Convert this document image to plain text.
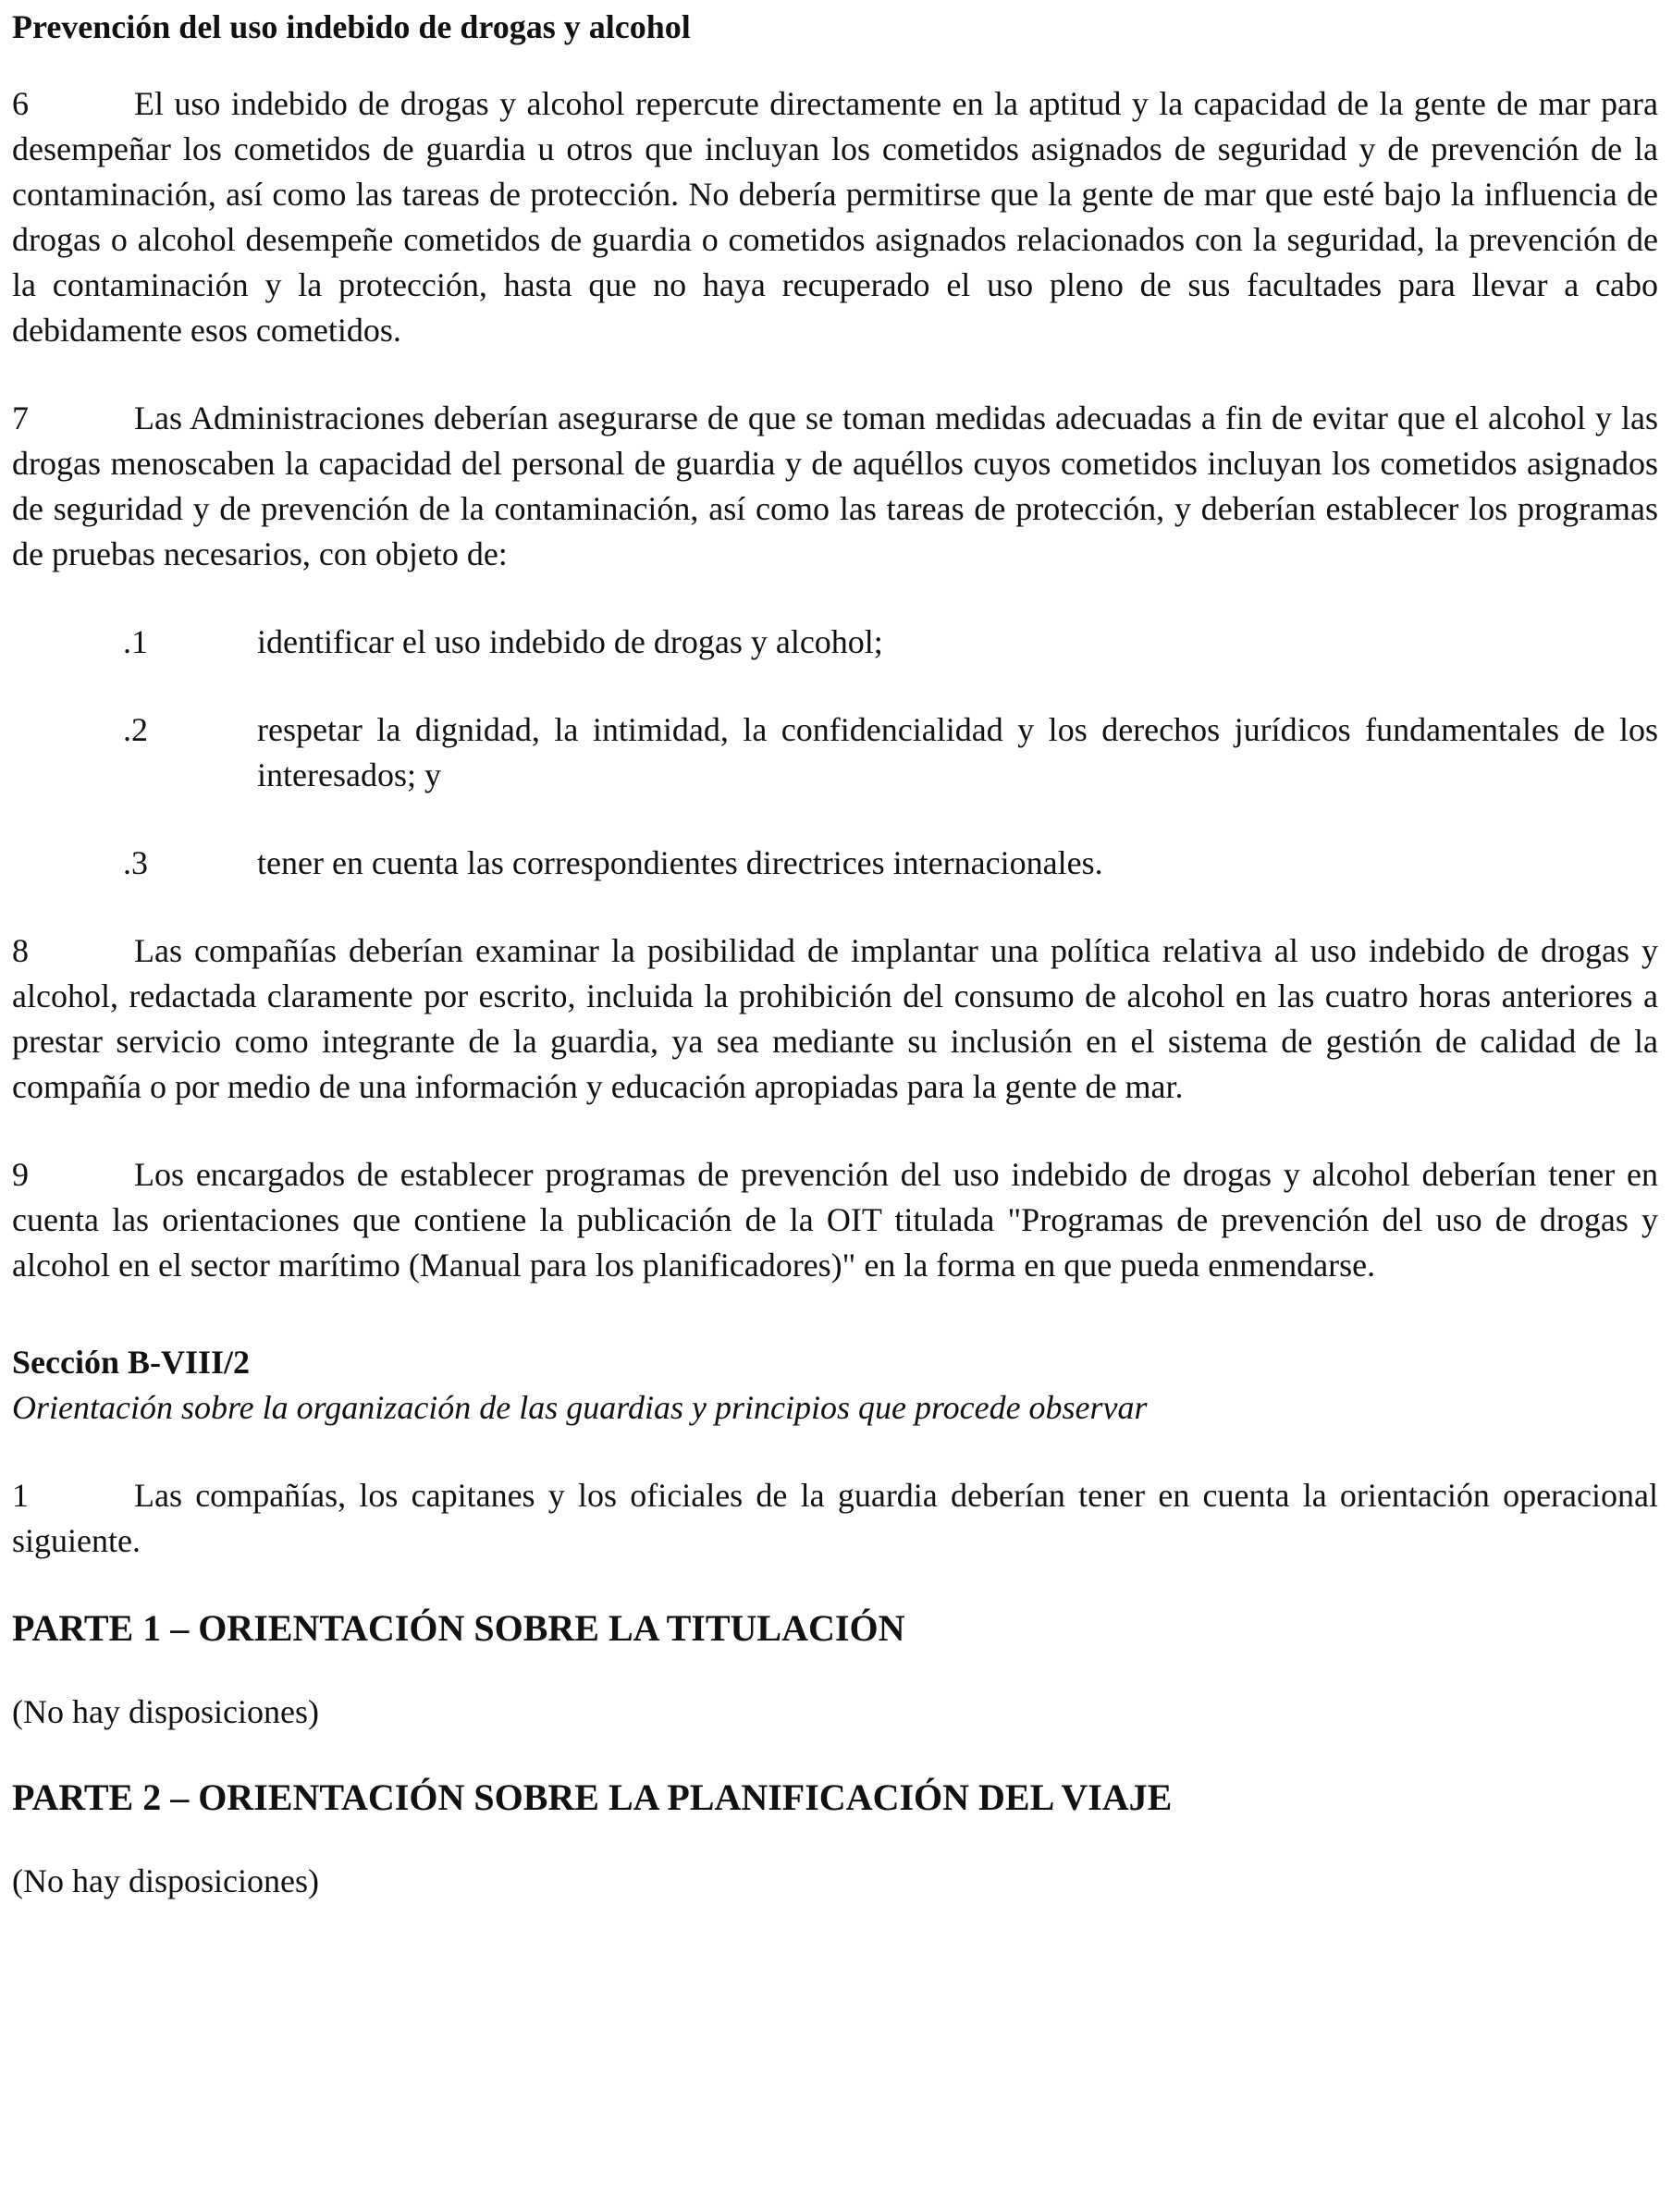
Prevención del uso indebido de drogas y alcohol

6	El uso indebido de drogas y alcohol repercute directamente en la aptitud y la capacidad de la gente de mar para desempeñar los cometidos de guardia u otros que incluyan los cometidos asignados de seguridad y de prevención de la contaminación, así como las tareas de protección. No debería permitirse que la gente de mar que esté bajo la influencia de drogas o alcohol desempeñe cometidos de guardia o cometidos asignados relacionados con la seguridad, la prevención de la contaminación y la protección, hasta que no haya recuperado el uso pleno de sus facultades para llevar a cabo debidamente esos cometidos.

7	Las Administraciones deberían asegurarse de que se toman medidas adecuadas a fin de evitar que el alcohol y las drogas menoscaben la capacidad del personal de guardia y de aquéllos cuyos cometidos incluyan los cometidos asignados de seguridad y de prevención de la contaminación, así como las tareas de protección, y deberían establecer los programas de pruebas necesarios, con objeto de:

.1	identificar el uso indebido de drogas y alcohol;

.2	respetar la dignidad, la intimidad, la confidencialidad y los derechos jurídicos fundamentales de los interesados; y

.3	tener en cuenta las correspondientes directrices internacionales.

8	Las compañías deberían examinar la posibilidad de implantar una política relativa al uso indebido de drogas y alcohol, redactada claramente por escrito, incluida la prohibición del consumo de alcohol en las cuatro horas anteriores a prestar servicio como integrante de la guardia, ya sea mediante su inclusión en el sistema de gestión de calidad de la compañía o por medio de una información y educación apropiadas para la gente de mar.

9	Los encargados de establecer programas de prevención del uso indebido de drogas y alcohol deberían tener en cuenta las orientaciones que contiene la publicación de la OIT titulada "Programas de prevención del uso de drogas y alcohol en el sector marítimo (Manual para los planificadores)" en la forma en que pueda enmendarse.

Sección B-VIII/2

Orientación sobre la organización de las guardias y principios que procede observar

1	Las compañías, los capitanes y los oficiales de la guardia deberían tener en cuenta la orientación operacional siguiente.

PARTE 1 – ORIENTACIÓN SOBRE LA TITULACIÓN

(No hay disposiciones)

PARTE 2 – ORIENTACIÓN SOBRE LA PLANIFICACIÓN DEL VIAJE

(No hay disposiciones)
